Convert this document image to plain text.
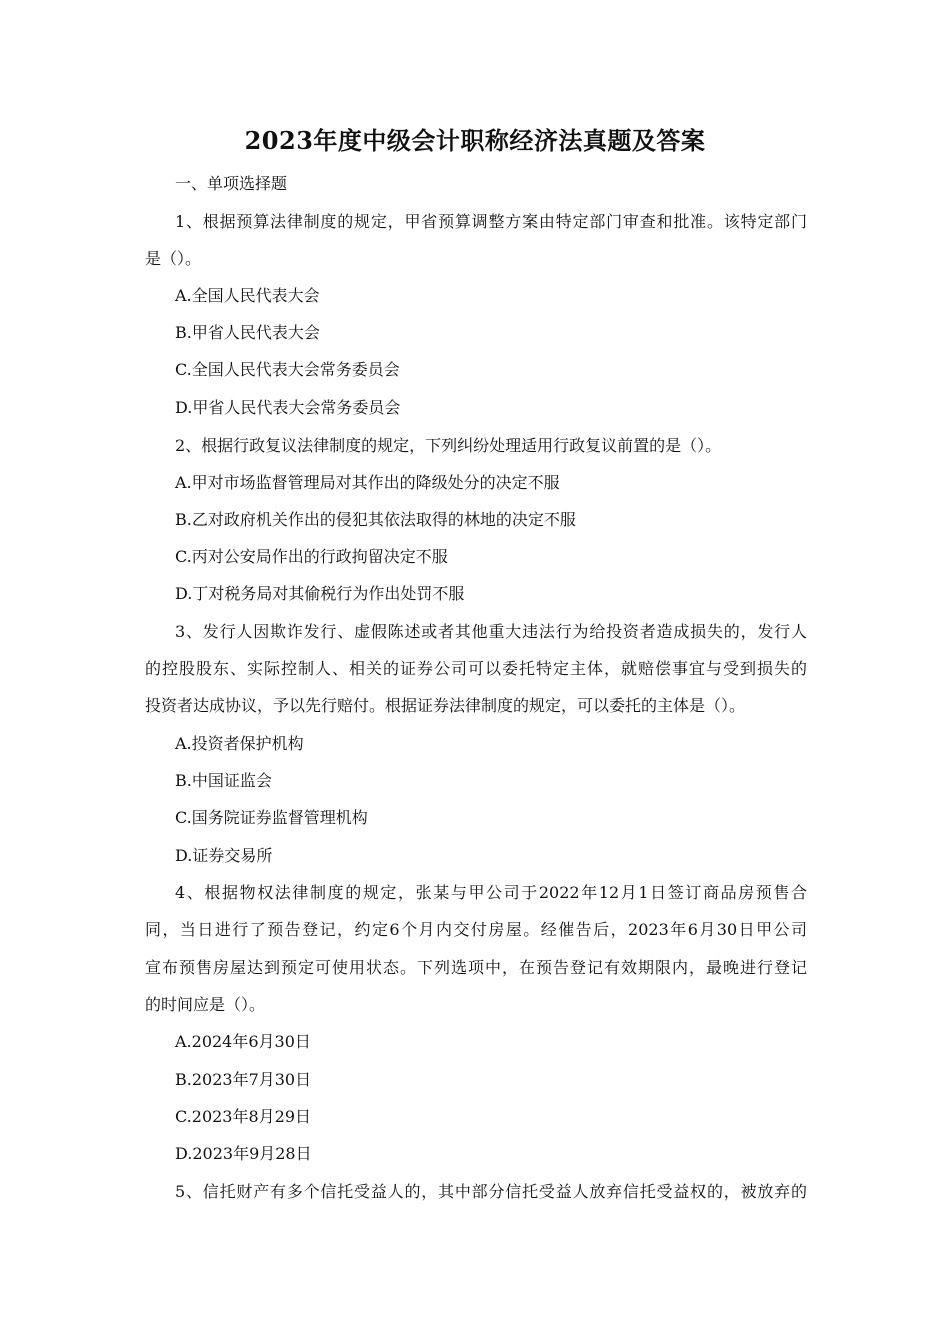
2023年度中级会计职称经济法真题及答案
一、单项选择题
1、根据预算法律制度的规定，甲省预算调整方案由特定部门审查和批准。该特定部门
是（）。
A.全国人民代表大会
B.甲省人民代表大会
C.全国人民代表大会常务委员会
D.甲省人民代表大会常务委员会
2、根据行政复议法律制度的规定，下列纠纷处理适用行政复议前置的是（）。
A.甲对市场监督管理局对其作出的降级处分的决定不服
B.乙对政府机关作出的侵犯其依法取得的林地的决定不服
C.丙对公安局作出的行政拘留决定不服
D.丁对税务局对其偷税行为作出处罚不服
3、发行人因欺诈发行、虚假陈述或者其他重大违法行为给投资者造成损失的，发行人
的控股股东、实际控制人、相关的证券公司可以委托特定主体，就赔偿事宜与受到损失的
投资者达成协议，予以先行赔付。根据证券法律制度的规定，可以委托的主体是（）。
A.投资者保护机构
B.中国证监会
C.国务院证券监督管理机构
D.证券交易所
4、根据物权法律制度的规定，张某与甲公司于2022年12月1日签订商品房预售合
同，当日进行了预告登记，约定6个月内交付房屋。经催告后，2023年6月30日甲公司
宣布预售房屋达到预定可使用状态。下列选项中，在预告登记有效期限内，最晚进行登记
的时间应是（）。
A.2024年6月30日
B.2023年7月30日
C.2023年8月29日
D.2023年9月28日
5、信托财产有多个信托受益人的，其中部分信托受益人放弃信托受益权的，被放弃的
